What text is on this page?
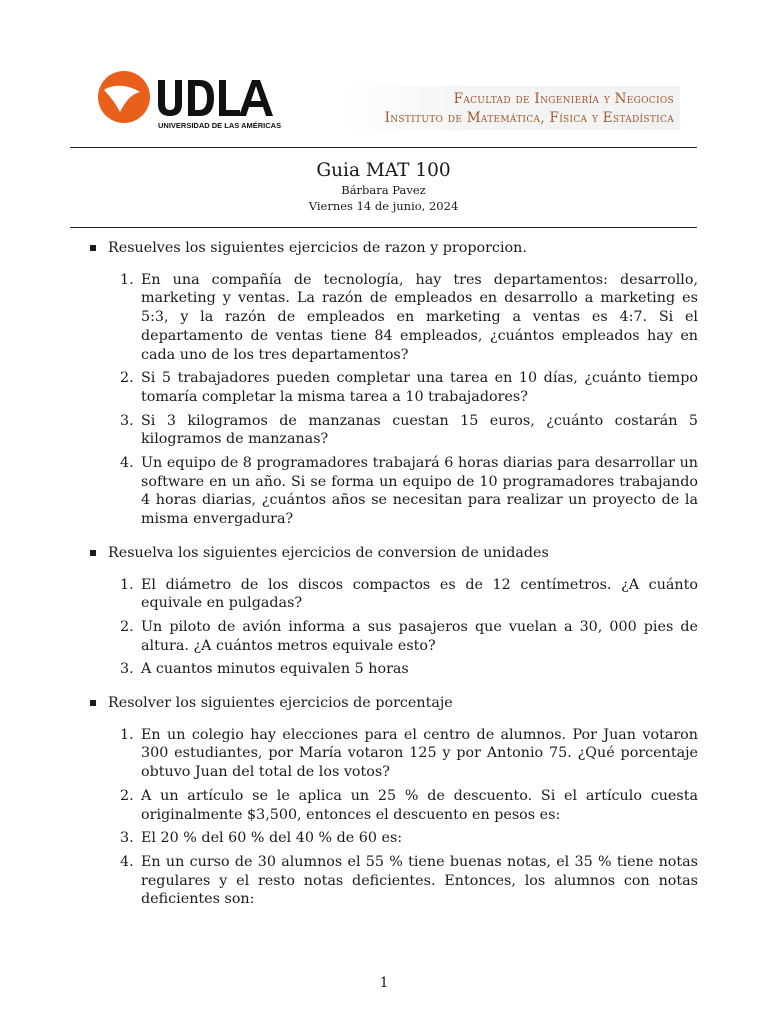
UNIVERSIDAD DE LAS AMÉRICAS
Facultad de Ingeniería y Negocios
Instituto de Matemática, Física y Estadística

Guia MAT 100

Bárbara Pavez

Viernes 14 de junio, 2024

Resuelves los siguientes ejercicios de razon y proporcion.

1. En una compañía de tecnología, hay tres departamentos: desarrollo, marketing y ventas. La razón de empleados en desarrollo a marketing es 5:3, y la razón de empleados en marketing a ventas es 4:7. Si el departamento de ventas tiene 84 empleados, ¿cuántos empleados hay en cada uno de los tres departamentos?
2. Si 5 trabajadores pueden completar una tarea en 10 días, ¿cuánto tiempo tomaría completar la misma tarea a 10 trabajadores?
3. Si 3 kilogramos de manzanas cuestan 15 euros, ¿cuánto costarán 5 kilogramos de manzanas?
4. Un equipo de 8 programadores trabajará 6 horas diarias para desarrollar un software en un año. Si se forma un equipo de 10 programadores trabajando 4 horas diarias, ¿cuántos años se necesitan para realizar un proyecto de la misma envergadura?

Resuelva los siguientes ejercicios de conversion de unidades

1. El diámetro de los discos compactos es de 12 centímetros. ¿A cuánto equivale en pulgadas?
2. Un piloto de avión informa a sus pasajeros que vuelan a 30, 000 pies de altura. ¿A cuántos metros equivale esto?
3. A cuantos minutos equivalen 5 horas

Resolver los siguientes ejercicios de porcentaje

1. En un colegio hay elecciones para el centro de alumnos. Por Juan votaron 300 estudiantes, por María votaron 125 y por Antonio 75. ¿Qué porcentaje obtuvo Juan del total de los votos?
2. A un artículo se le aplica un 25 % de descuento. Si el artículo cuesta originalmente $3,500, entonces el descuento en pesos es:
3. El 20 % del 60 % del 40 % de 60 es:
4. En un curso de 30 alumnos el 55 % tiene buenas notas, el 35 % tiene notas regulares y el resto notas deficientes. Entonces, los alumnos con notas deficientes son:
1
